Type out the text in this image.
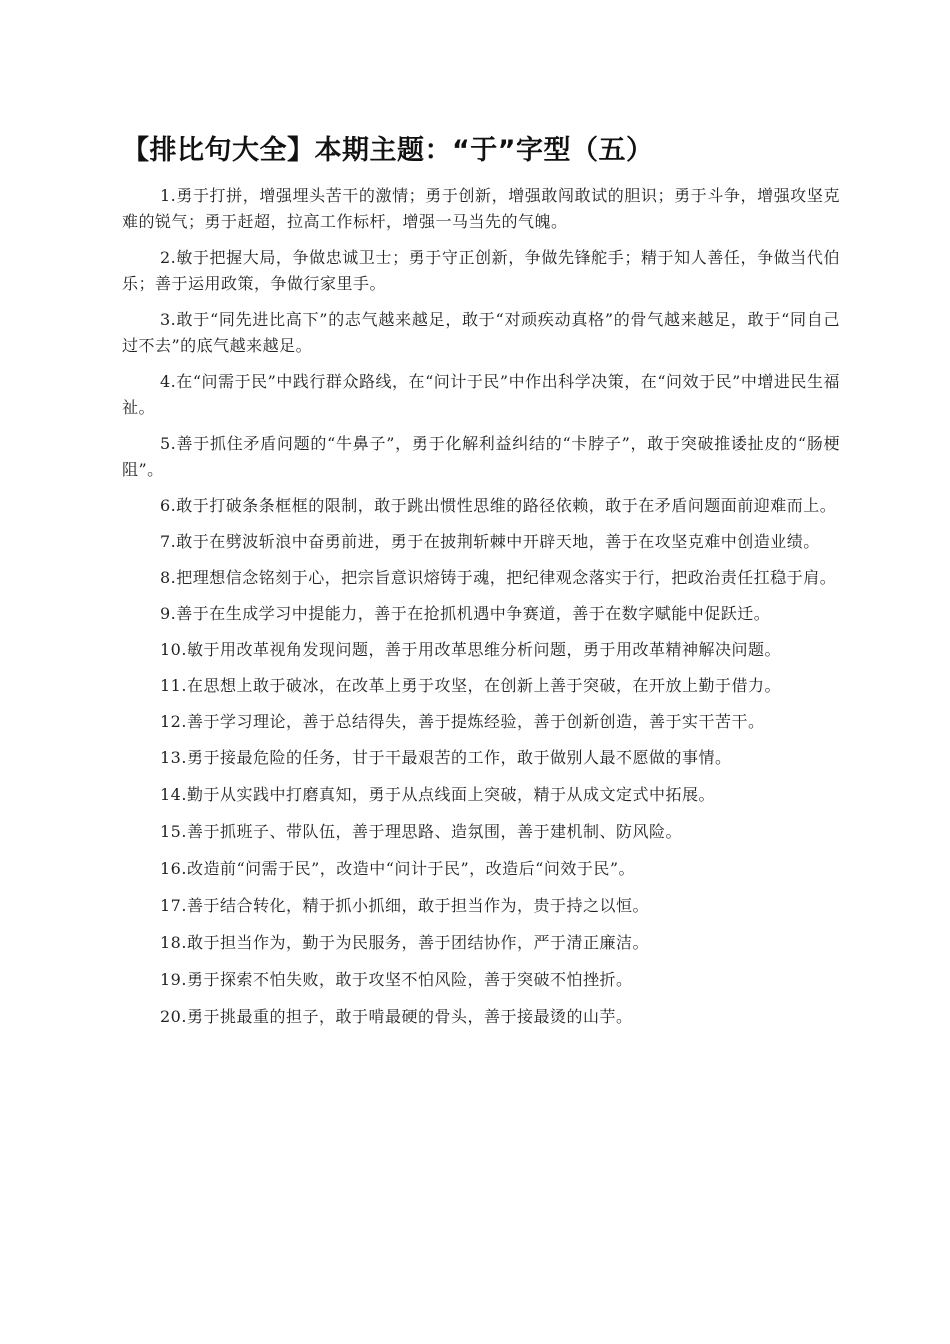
【排比句大全】本期主题：“于”字型（五）

1.勇于打拼，增强埋头苦干的激情；勇于创新，增强敢闯敢试的胆识；勇于斗争，增强攻坚克难的锐气；勇于赶超，拉高工作标杆，增强一马当先的气魄。

2.敏于把握大局，争做忠诚卫士；勇于守正创新，争做先锋舵手；精于知人善任，争做当代伯乐；善于运用政策，争做行家里手。

3.敢于“同先进比高下”的志气越来越足，敢于“对顽疾动真格”的骨气越来越足，敢于“同自己过不去”的底气越来越足。

4.在“问需于民”中践行群众路线，在“问计于民”中作出科学决策，在“问效于民”中增进民生福祉。

5.善于抓住矛盾问题的“牛鼻子”，勇于化解利益纠结的“卡脖子”，敢于突破推诿扯皮的“肠梗阻”。

6.敢于打破条条框框的限制，敢于跳出惯性思维的路径依赖，敢于在矛盾问题面前迎难而上。

7.敢于在劈波斩浪中奋勇前进，勇于在披荆斩棘中开辟天地，善于在攻坚克难中创造业绩。

8.把理想信念铭刻于心，把宗旨意识熔铸于魂，把纪律观念落实于行，把政治责任扛稳于肩。

9.善于在生成学习中提能力，善于在抢抓机遇中争赛道，善于在数字赋能中促跃迁。

10.敏于用改革视角发现问题，善于用改革思维分析问题，勇于用改革精神解决问题。

11.在思想上敢于破冰，在改革上勇于攻坚，在创新上善于突破，在开放上勤于借力。

12.善于学习理论，善于总结得失，善于提炼经验，善于创新创造，善于实干苦干。

13.勇于接最危险的任务，甘于干最艰苦的工作，敢于做别人最不愿做的事情。

14.勤于从实践中打磨真知，勇于从点线面上突破，精于从成文定式中拓展。

15.善于抓班子、带队伍，善于理思路、造氛围，善于建机制、防风险。

16.改造前“问需于民”，改造中“问计于民”，改造后“问效于民”。

17.善于结合转化，精于抓小抓细，敢于担当作为，贵于持之以恒。

18.敢于担当作为，勤于为民服务，善于团结协作，严于清正廉洁。

19.勇于探索不怕失败，敢于攻坚不怕风险，善于突破不怕挫折。

20.勇于挑最重的担子，敢于啃最硬的骨头，善于接最烫的山芋。
